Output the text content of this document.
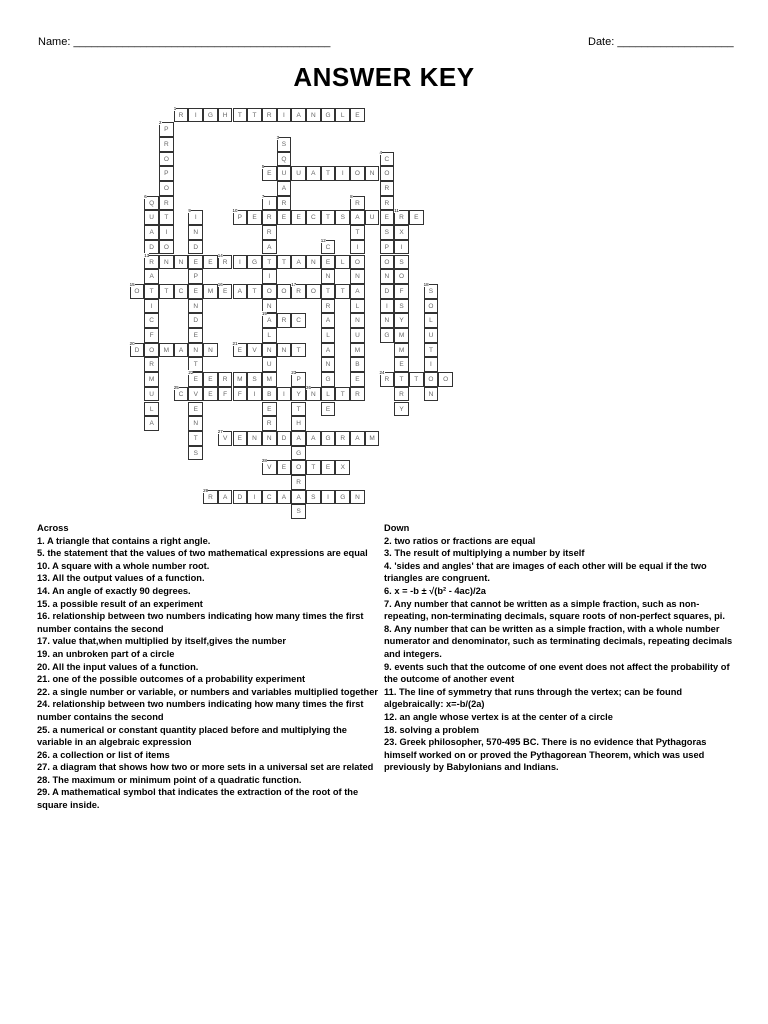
Name: __________________________________________	Date: ___________________
ANSWER KEY
R
1
I	G	H	T	T	R	I	A	N	G	L	E
P
2
R
O
P
O
R
T
I
O
N
S
3
Q
U
A
R
E
C
4
O
R
R
E
S
P
O
N
D
I
N
G
E
5
U	A	T	I	O	N
Q
6
U
A
D
R
13
A
T
I
C
F
O
R
M
U
L
A
I
7
R
R
A
T
I
O
N
A
19
L
N
U
M
B
E
R
R
8
A
T
I
O
N
A
L
N
U
M
B
E
R
I
9
N
D
E
P
E
N
D
E
N
T
E
22
V
E
N
T
S
P
10
E	E	C	T	S	U	R
11
E
X
I
S
O
F
S
Y
M
M
E
T
R
Y
C
12
E
N
T
R
A
L
A
N
G
L
E
N	E	R
14
I	G	T	A	N	L
O
15
T	C	M	E
16
A	T	O	R
17
O	T	S
18
O
L
U
T
I
O
N
R	C
D
20
M	A	N	E
21
V	N	T
E	R	M	S	P
23
Y
T
H
A
G
O
R
A
S
R
24
T	O
C
25
E	F	F	I	I	N
26
T
V
27
E	N	N	D	A	G	R	A	M
V
28
E	T	E	X
R
29
A	D	I	C	A	S	I	G	N
Across
1. A triangle that contains a right angle.
5. the statement that the values of two mathematical expressions are equal
10. A square with a whole number root.
13. All the output values of a function.
14. An angle of exactly 90 degrees.
15. a possible result of an experiment
16. relationship between two numbers indicating how many times the first number contains the second
17. value that,when multiplied by itself,gives the number
19. an unbroken part of a circle
20. All the input values of a function.
21. one of the possible outcomes of a probability experiment
22. a single number or variable, or numbers and variables multiplied together
24. relationship between two numbers indicating how many times the first number contains the second
25. a numerical or constant quantity placed before and multiplying the variable in an algebraic expression
26. a collection or list of items
27. a diagram that shows how two or more sets in a universal set are related
28. The maximum or minimum point of a quadratic function.
29. A mathematical symbol that indicates the extraction of the root of the square inside.
Down
2. two ratios or fractions are equal
3. The result of multiplying a number by itself
4. 'sides and angles' that are images of each other will be equal if the two triangles are congruent.
6. x = -b ± √(b² - 4ac)/2a
7. Any number that cannot be written as a simple fraction, such as non-repeating, non-terminating decimals, square roots of non-perfect squares, pi.
8. Any number that can be written as a simple fraction, with a whole number numerator and denominator, such as terminating decimals, repeating decimals and integers.
9. events such that the outcome of one event does not affect the probability of the outcome of another event
11. The line of symmetry that runs through the vertex; can be found algebraically: x=-b/(2a)
12. an angle whose vertex is at the center of a circle
18. solving a problem
23. Greek philosopher, 570-495 BC. There is no evidence that Pythagoras himself worked on or proved the Pythagorean Theorem, which was used previously by Babylonians and Indians.
